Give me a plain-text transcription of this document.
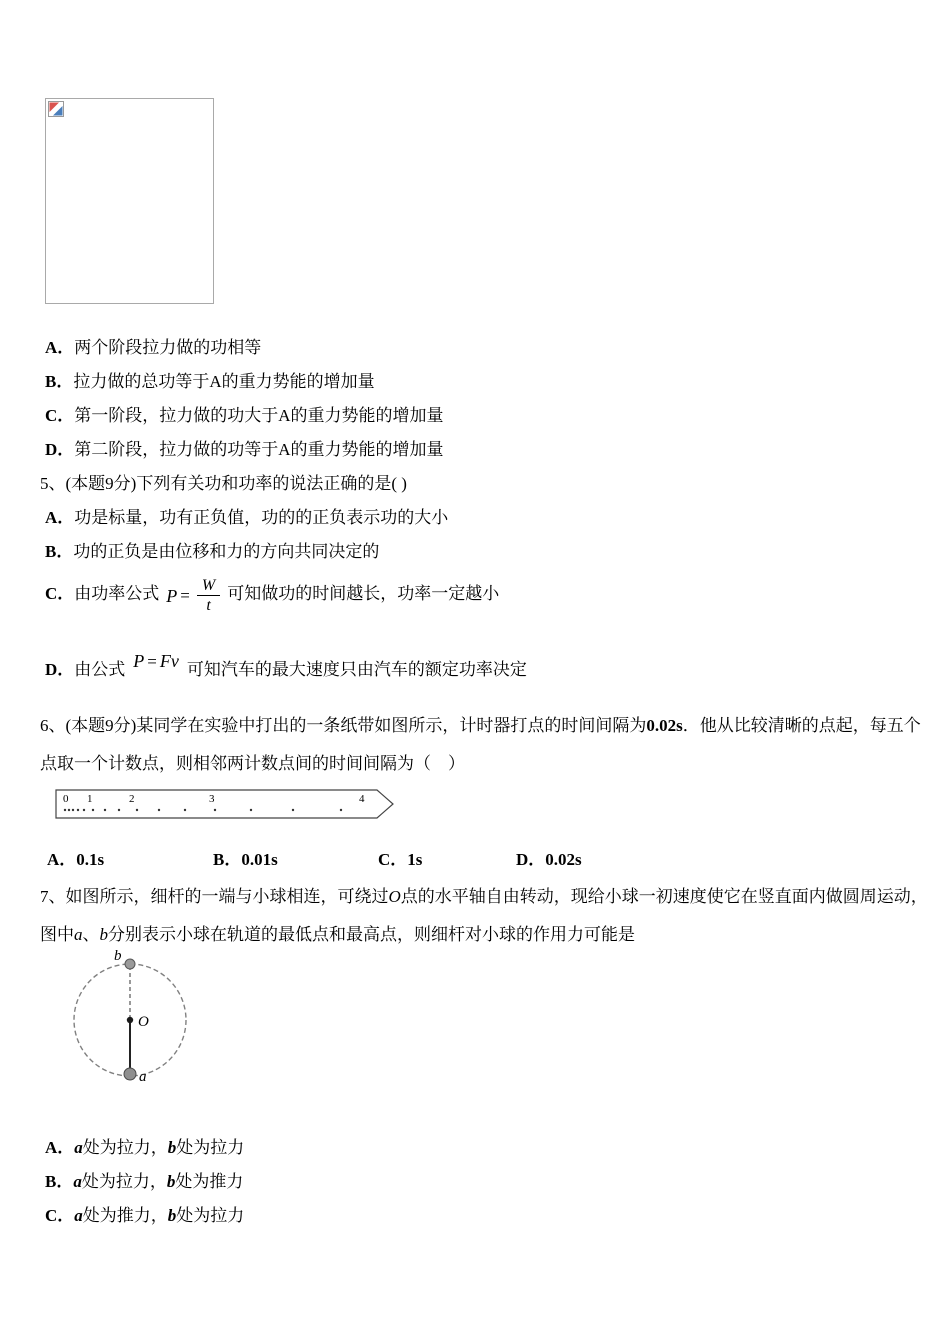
A．两个阶段拉力做的功相等
B．拉力做的总功等于A的重力势能的增加量
C．第一阶段，拉力做的功大于A的重力势能的增加量
D．第二阶段，拉力做的功等于A的重力势能的增加量
5、(本题9分)下列有关功和功率的说法正确的是( )
A．功是标量，功有正负值，功的的正负表示功的大小
B．功的正负是由位移和力的方向共同决定的
C．由功率公式 $P = \frac{W}{t}$ 可知做功的时间越长，功率一定越小
D．由公式 P = Fv 可知汽车的最大速度只由汽车的额定功率决定
6、(本题9分)某同学在实验中打出的一条纸带如图所示，计时器打点的时间间隔为0.02s．他从比较清晰的点起，每五个点取一个计数点，则相邻两计数点间的时间间隔为（　）
0 1	2	3	4
A．0.1s	B．0.01s	C．1s	D．0.02s
7、如图所示，细杆的一端与小球相连，可绕过O点的水平轴自由转动，现给小球一初速度使它在竖直面内做圆周运动，图中a、b分别表示小球在轨道的最低点和最高点，则细杆对小球的作用力可能是
b
O
a
A．a处为拉力，b处为拉力
B．a处为拉力，b处为推力
C．a处为推力，b处为拉力
